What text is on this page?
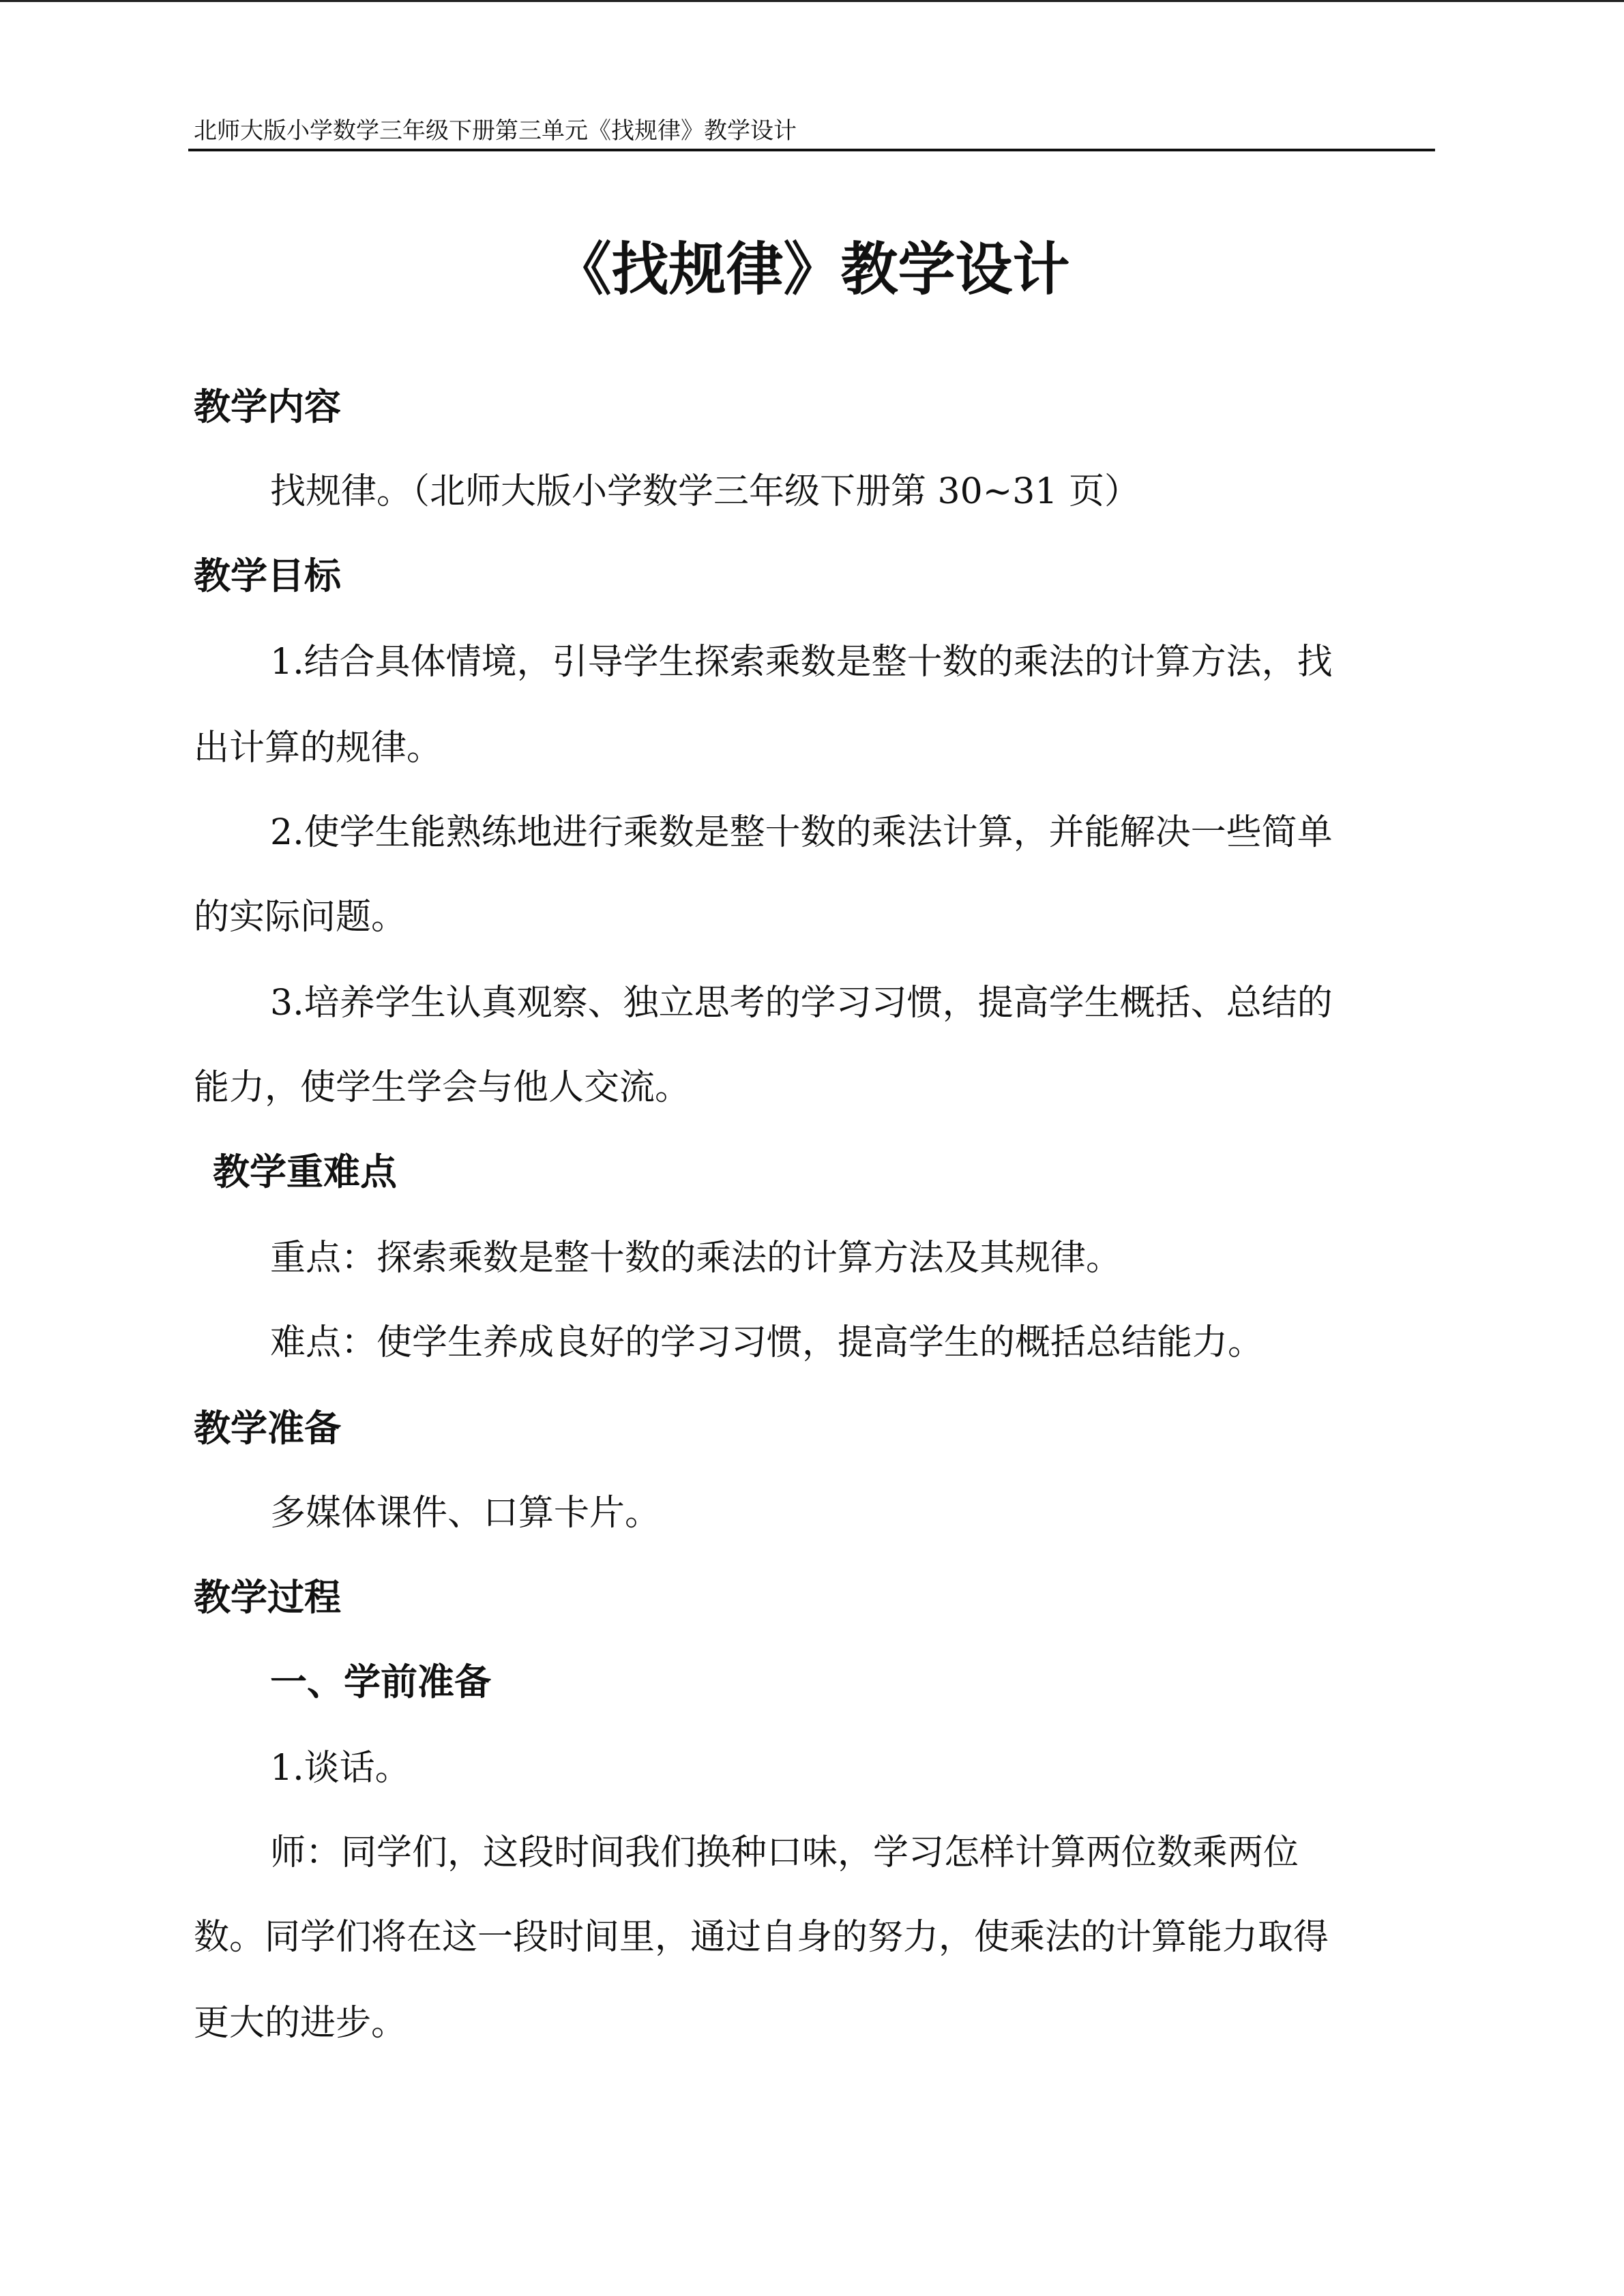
北师大版小学数学三年级下册第三单元《找规律》教学设计
《找规律》教学设计
教学内容
找规律。（北师大版小学数学三年级下册第 30~31 页）
教学目标
1.结合具体情境，引导学生探索乘数是整十数的乘法的计算方法，找
出计算的规律。
2.使学生能熟练地进行乘数是整十数的乘法计算，并能解决一些简单
的实际问题。
3.培养学生认真观察、独立思考的学习习惯，提高学生概括、总结的
能力，使学生学会与他人交流。
教学重难点
重点：探索乘数是整十数的乘法的计算方法及其规律。
难点：使学生养成良好的学习习惯，提高学生的概括总结能力。
教学准备
多媒体课件、口算卡片。
教学过程
一、学前准备
1.谈话。
师：同学们，这段时间我们换种口味，学习怎样计算两位数乘两位
数。同学们将在这一段时间里，通过自身的努力，使乘法的计算能力取得
更大的进步。
